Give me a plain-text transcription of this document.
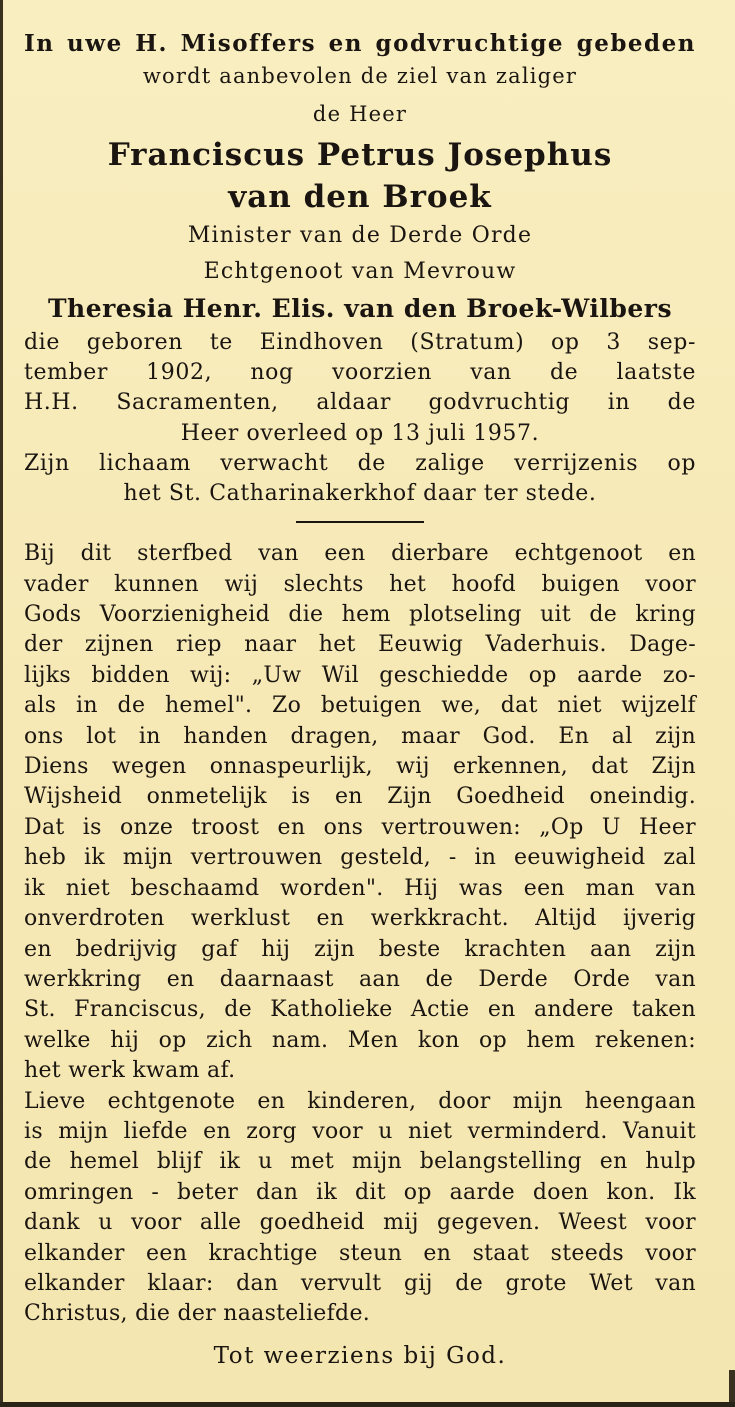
In uwe H. Misoffers en godvruchtige gebeden

wordt aanbevolen de ziel van zaliger

de Heer

Franciscus Petrus Josephus

van den Broek

Minister van de Derde Orde

Echtgenoot van Mevrouw

Theresia Henr. Elis. van den Broek-Wilbers

die geboren te Eindhoven (Stratum) op 3 sep-

tember 1902, nog voorzien van de laatste

H.H. Sacramenten, aldaar godvruchtig in de

Heer overleed op 13 juli 1957.

Zijn lichaam verwacht de zalige verrijzenis op

het St. Catharinakerkhof daar ter stede.

Bij dit sterfbed van een dierbare echtgenoot en

vader kunnen wij slechts het hoofd buigen voor

Gods Voorzienigheid die hem plotseling uit de kring

der zijnen riep naar het Eeuwig Vaderhuis. Dage-

lijks bidden wij: „Uw Wil geschiedde op aarde zo-

als in de hemel". Zo betuigen we, dat niet wijzelf

ons lot in handen dragen, maar God. En al zijn

Diens wegen onnaspeurlijk, wij erkennen, dat Zijn

Wijsheid onmetelijk is en Zijn Goedheid oneindig.

Dat is onze troost en ons vertrouwen: „Op U Heer

heb ik mijn vertrouwen gesteld, - in eeuwigheid zal

ik niet beschaamd worden". Hij was een man van

onverdroten werklust en werkkracht. Altijd ijverig

en bedrijvig gaf hij zijn beste krachten aan zijn

werkkring en daarnaast aan de Derde Orde van

St. Franciscus, de Katholieke Actie en andere taken

welke hij op zich nam. Men kon op hem rekenen:

het werk kwam af.

Lieve echtgenote en kinderen, door mijn heengaan

is mijn liefde en zorg voor u niet verminderd. Vanuit

de hemel blijf ik u met mijn belangstelling en hulp

omringen - beter dan ik dit op aarde doen kon. Ik

dank u voor alle goedheid mij gegeven. Weest voor

elkander een krachtige steun en staat steeds voor

elkander klaar: dan vervult gij de grote Wet van

Christus, die der naasteliefde.

Tot weerziens bij God.
